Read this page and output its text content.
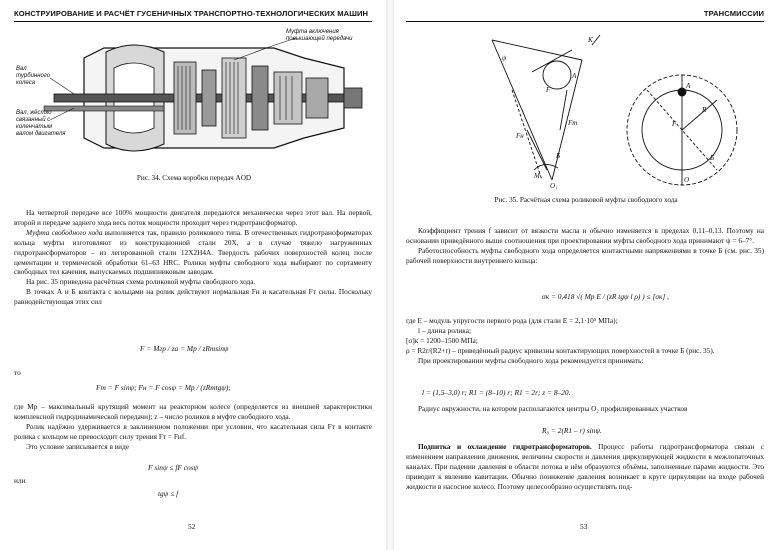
КОНСТРУИРОВАНИЕ И РАСЧЁТ ГУСЕНИЧНЫХ ТРАНСПОРТНО-ТЕХНОЛОГИЧЕСКИХ МАШИН
Муфта включения повышающей передачи
Вал турбинного колеса
Вал, жёстко связанный с коленчатым валом двигателя
Рис. 34. Схема коробки передач AOD

На четвертой передаче все 100% мощности двигателя передаются механически через этот вал. На первой, второй и передаче заднего хода весь поток мощности проходит через гидротрансформатор.

Муфта свободного хода выполняется так, правило роликового типа. В отечественных гидротрансформаторах кольца муфты изготовляют из конструкционной стали 20Х, а в случае тяжело нагруженных гидротрансформаторов – из легированной стали 12Х2Н4А. Твердость рабочих поверхностей колец после цементации и термической обработки 61–63 HRC. Ролики муфты свободного хода выбирают по сортаменту свободных тел качения, выпускаемых подшипниковым заводам.

На рис. 35 приведена расчётная схема роликовой муфты свободного хода.

В точках А и Б контакта с кольцами на ролик действуют нормальная Fн и касательная Fт силы. Поскольку равнодействующая этих сил

F = Mгр / za = Mр / zRтsinψ
то
Fт = F sinψ; Fн = F cosψ = Mр / (zRтtgψ);

где Mр – максимальный крутящий момент на реакторном колесе (определяется из внешней характеристики комплексной гидродинамической передачи); z – число роликов в муфте свободного хода.

Ролик надёжно удерживается в заклиненном положении при условии, что касательная сила Fт в контакте ролика с кольцом не превосходит силу трения Fт = Fнf.

Это условие записывается в виде

F sinψ ≤ fF cosψ
или
tgψ ≤ f
52
ТРАНСМИССИИ
K
F
A
Fн
Fт
Б
M
O₁
ψ
A
F
R
O
Б
Рис. 35. Расчётная схема роликовой муфты свободного хода

Коэффициент трения f зависит от вязкости масла и обычно изменяется в пределах 0,11–0,13. Поэтому на основании приведённого выше соотношения при проектировании муфты свободного хода принимают ψ = 6–7°.

Работоспособность муфты свободного хода определяется контактными напряжениями в точке Б (см. рис. 35) рабочей поверхности внутреннего кольца:

σк = 0,418 √( Mр E / (zR tgψ l ρ) ) ≤ [σк] ,

где E – модуль упругости первого рода (для стали E = 2,1·10⁵ МПа);

l – длина ролика;

[σ]к = 1200–1500 МПа;

ρ = R2r/(R2+r) – приведённый радиус кривизны контактирующих поверхностей в точке Б (рис. 35).

При проектировании муфты свободного хода рекомендуется принимать:

l = (1,5–3,0) r; R1 = (8–10) r; R1 = 2r; z = 8–20.

Радиус окружности, на котором располагаются центры O₂ профилированных участков

R₀ = 2(R1 – r) sinψ.

Подпитка и охлаждение гидротрансформаторов. Процесс работы гидротрансформатора связан с изменением направления движения, величины скорости и давления циркулирующей жидкости в межлопаточных каналах. При падении давления в области потока в нём образуются объёмы, заполненные парами жидкости. Это приводит к явлению кавитации. Обычно понижение давления возникает в круге циркуляции на входе рабочей жидкости в насосное колесо. Поэтому целесообразно осуществлять под-

53
